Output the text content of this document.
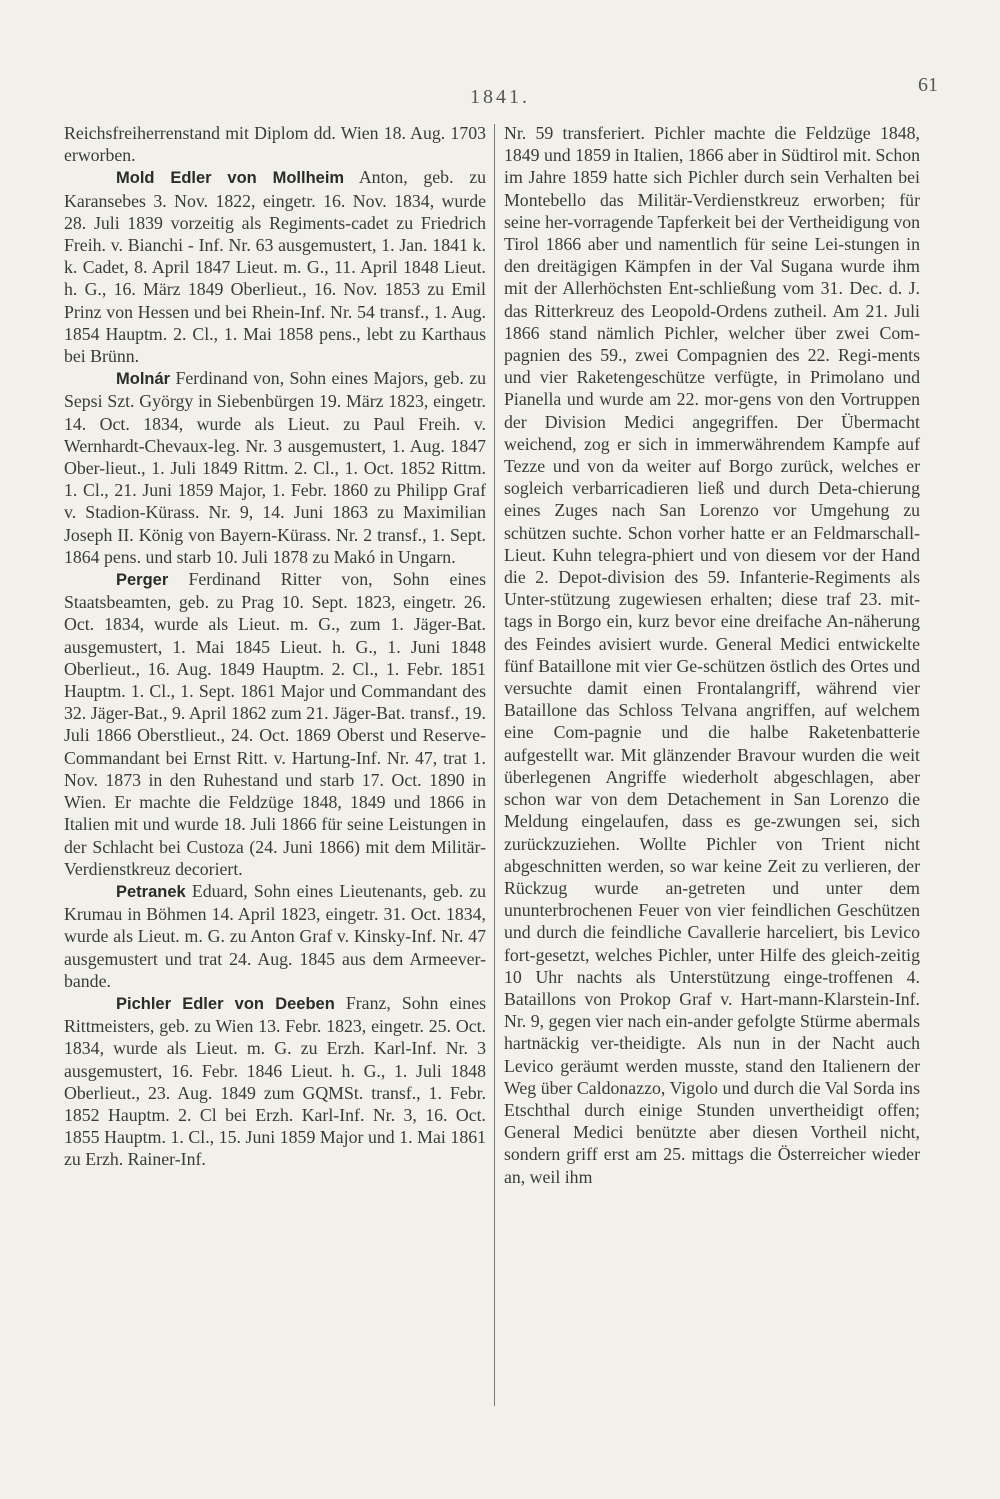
1841.
61

Reichsfreiherrenstand mit Diplom dd. Wien 18. Aug. 1703 erworben.

Mold Edler von Mollheim Anton, geb. zu Karansebes 3. Nov. 1822, eingetr. 16. Nov. 1834, wurde 28. Juli 1839 vorzeitig als Regiments-cadet zu Friedrich Freih. v. Bianchi - Inf. Nr. 63 ausgemustert, 1. Jan. 1841 k. k. Cadet, 8. April 1847 Lieut. m. G., 11. April 1848 Lieut. h. G., 16. März 1849 Oberlieut., 16. Nov. 1853 zu Emil Prinz von Hessen und bei Rhein-Inf. Nr. 54 transf., 1. Aug. 1854 Hauptm. 2. Cl., 1. Mai 1858 pens., lebt zu Karthaus bei Brünn.

Molnár Ferdinand von, Sohn eines Majors, geb. zu Sepsi Szt. György in Siebenbürgen 19. März 1823, eingetr. 14. Oct. 1834, wurde als Lieut. zu Paul Freih. v. Wernhardt-Chevaux-leg. Nr. 3 ausgemustert, 1. Aug. 1847 Ober-lieut., 1. Juli 1849 Rittm. 2. Cl., 1. Oct. 1852 Rittm. 1. Cl., 21. Juni 1859 Major, 1. Febr. 1860 zu Philipp Graf v. Stadion-Kürass. Nr. 9, 14. Juni 1863 zu Maximilian Joseph II. König von Bayern-Kürass. Nr. 2 transf., 1. Sept. 1864 pens. und starb 10. Juli 1878 zu Makó in Ungarn.

Perger Ferdinand Ritter von, Sohn eines Staatsbeamten, geb. zu Prag 10. Sept. 1823, eingetr. 26. Oct. 1834, wurde als Lieut. m. G., zum 1. Jäger-Bat. ausgemustert, 1. Mai 1845 Lieut. h. G., 1. Juni 1848 Oberlieut., 16. Aug. 1849 Hauptm. 2. Cl., 1. Febr. 1851 Hauptm. 1. Cl., 1. Sept. 1861 Major und Commandant des 32. Jäger-Bat., 9. April 1862 zum 21. Jäger-Bat. transf., 19. Juli 1866 Oberstlieut., 24. Oct. 1869 Oberst und Reserve-Commandant bei Ernst Ritt. v. Hartung-Inf. Nr. 47, trat 1. Nov. 1873 in den Ruhestand und starb 17. Oct. 1890 in Wien. Er machte die Feldzüge 1848, 1849 und 1866 in Italien mit und wurde 18. Juli 1866 für seine Leistungen in der Schlacht bei Custoza (24. Juni 1866) mit dem Militär-Verdienstkreuz decoriert.

Petranek Eduard, Sohn eines Lieutenants, geb. zu Krumau in Böhmen 14. April 1823, eingetr. 31. Oct. 1834, wurde als Lieut. m. G. zu Anton Graf v. Kinsky-Inf. Nr. 47 ausgemustert und trat 24. Aug. 1845 aus dem Armeever-bande.

Pichler Edler von Deeben Franz, Sohn eines Rittmeisters, geb. zu Wien 13. Febr. 1823, eingetr. 25. Oct. 1834, wurde als Lieut. m. G. zu Erzh. Karl-Inf. Nr. 3 ausgemustert, 16. Febr. 1846 Lieut. h. G., 1. Juli 1848 Oberlieut., 23. Aug. 1849 zum GQMSt. transf., 1. Febr. 1852 Hauptm. 2. Cl bei Erzh. Karl-Inf. Nr. 3, 16. Oct. 1855 Hauptm. 1. Cl., 15. Juni 1859 Major und 1. Mai 1861 zu Erzh. Rainer-Inf.

Nr. 59 transferiert. Pichler machte die Feldzüge 1848, 1849 und 1859 in Italien, 1866 aber in Südtirol mit. Schon im Jahre 1859 hatte sich Pichler durch sein Verhalten bei Montebello das Militär-Verdienstkreuz erworben; für seine her-vorragende Tapferkeit bei der Vertheidigung von Tirol 1866 aber und namentlich für seine Lei-stungen in den dreitägigen Kämpfen in der Val Sugana wurde ihm mit der Allerhöchsten Ent-schließung vom 31. Dec. d. J. das Ritterkreuz des Leopold-Ordens zutheil. Am 21. Juli 1866 stand nämlich Pichler, welcher über zwei Com-pagnien des 59., zwei Compagnien des 22. Regi-ments und vier Raketengeschütze verfügte, in Primolano und Pianella und wurde am 22. mor-gens von den Vortruppen der Division Medici angegriffen. Der Übermacht weichend, zog er sich in immerwährendem Kampfe auf Tezze und von da weiter auf Borgo zurück, welches er sogleich verbarricadieren ließ und durch Deta-chierung eines Zuges nach San Lorenzo vor Umgehung zu schützen suchte. Schon vorher hatte er an Feldmarschall-Lieut. Kuhn telegra-phiert und von diesem vor der Hand die 2. Depot-division des 59. Infanterie-Regiments als Unter-stützung zugewiesen erhalten; diese traf 23. mit-tags in Borgo ein, kurz bevor eine dreifache An-näherung des Feindes avisiert wurde. General Medici entwickelte fünf Bataillone mit vier Ge-schützen östlich des Ortes und versuchte damit einen Frontalangriff, während vier Bataillone das Schloss Telvana angriffen, auf welchem eine Com-pagnie und die halbe Raketenbatterie aufgestellt war. Mit glänzender Bravour wurden die weit überlegenen Angriffe wiederholt abgeschlagen, aber schon war von dem Detachement in San Lorenzo die Meldung eingelaufen, dass es ge-zwungen sei, sich zurückzuziehen. Wollte Pichler von Trient nicht abgeschnitten werden, so war keine Zeit zu verlieren, der Rückzug wurde an-getreten und unter dem ununterbrochenen Feuer von vier feindlichen Geschützen und durch die feindliche Cavallerie harceliert, bis Levico fort-gesetzt, welches Pichler, unter Hilfe des gleich-zeitig 10 Uhr nachts als Unterstützung einge-troffenen 4. Bataillons von Prokop Graf v. Hart-mann-Klarstein-Inf. Nr. 9, gegen vier nach ein-ander gefolgte Stürme abermals hartnäckig ver-theidigte. Als nun in der Nacht auch Levico geräumt werden musste, stand den Italienern der Weg über Caldonazzo, Vigolo und durch die Val Sorda ins Etschthal durch einige Stunden unvertheidigt offen; General Medici benützte aber diesen Vortheil nicht, sondern griff erst am 25. mittags die Österreicher wieder an, weil ihm
